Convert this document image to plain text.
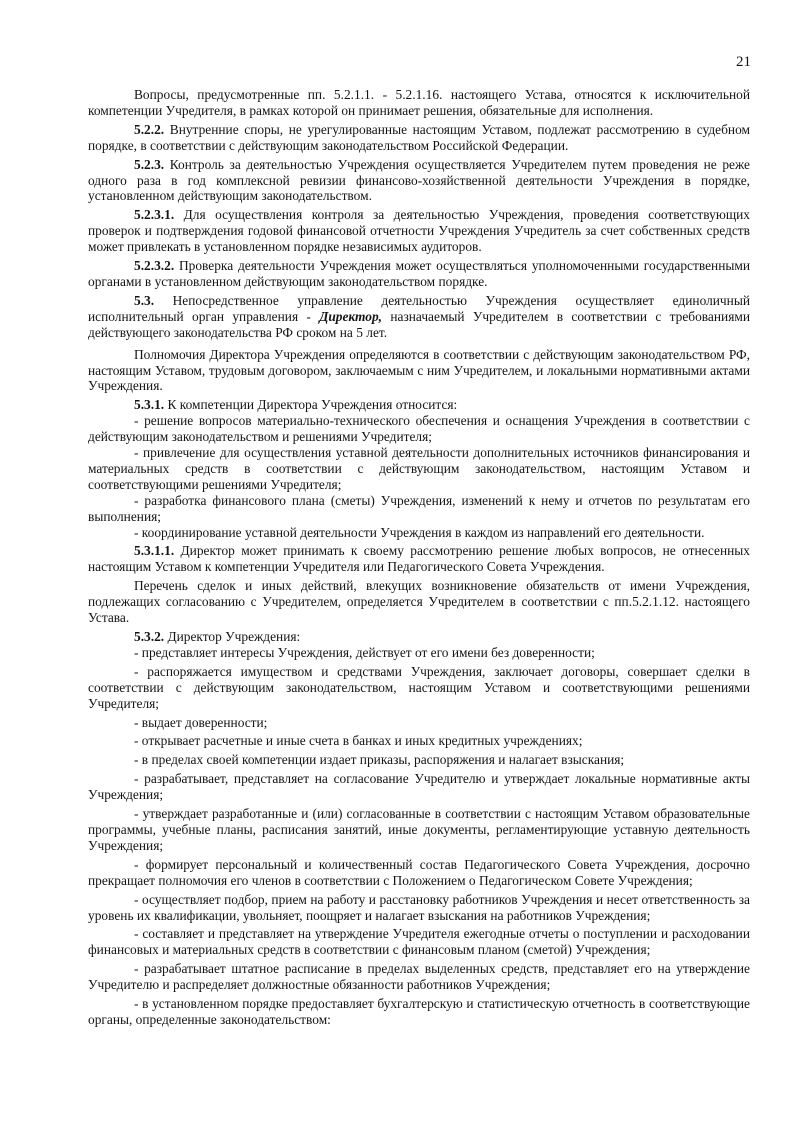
21

Вопросы, предусмотренные пп. 5.2.1.1. - 5.2.1.16. настоящего Устава, относятся к исключительной компетенции Учредителя, в рамках которой он принимает решения, обязательные для исполнения.

5.2.2. Внутренние споры, не урегулированные настоящим Уставом, подлежат рассмотрению в судебном порядке, в соответствии с действующим законодательством Российской Федерации.

5.2.3. Контроль за деятельностью Учреждения осуществляется Учредителем путем проведения не реже одного раза в год комплексной ревизии финансово-хозяйственной деятельности Учреждения в порядке, установленном действующим законодательством.

5.2.3.1. Для осуществления контроля за деятельностью Учреждения, проведения соответствующих проверок и подтверждения годовой финансовой отчетности Учреждения Учредитель за счет собственных средств может привлекать в установленном порядке независимых аудиторов.

5.2.3.2. Проверка деятельности Учреждения может осуществляться уполномоченными государственными органами в установленном действующим законодательством порядке.

5.3. Непосредственное управление деятельностью Учреждения осуществляет единоличный исполнительный орган управления - Директор, назначаемый Учредителем в соответствии с требованиями действующего законодательства РФ сроком на 5 лет.

Полномочия Директора Учреждения определяются в соответствии с действующим законодательством РФ, настоящим Уставом, трудовым договором, заключаемым с ним Учредителем, и локальными нормативными актами Учреждения.

5.3.1. К компетенции Директора Учреждения относится:

- решение вопросов материально-технического обеспечения и оснащения Учреждения в соответствии с действующим законодательством и решениями Учредителя;

- привлечение для осуществления уставной деятельности дополнительных источников финансирования и материальных средств в соответствии с действующим законодательством, настоящим Уставом и соответствующими решениями Учредителя;

- разработка финансового плана (сметы) Учреждения, изменений к нему и отчетов по результатам его выполнения;

- координирование уставной деятельности Учреждения в каждом из направлений его деятельности.

5.3.1.1. Директор может принимать к своему рассмотрению решение любых вопросов, не отнесенных настоящим Уставом к компетенции Учредителя или Педагогического Совета Учреждения.

Перечень сделок и иных действий, влекущих возникновение обязательств от имени Учреждения, подлежащих согласованию с Учредителем, определяется Учредителем в соответствии с пп.5.2.1.12. настоящего Устава.

5.3.2. Директор Учреждения:

- представляет интересы Учреждения, действует от его имени без доверенности;

- распоряжается имуществом и средствами Учреждения, заключает договоры, совершает сделки в соответствии с действующим законодательством, настоящим Уставом и соответствующими решениями Учредителя;

- выдает доверенности;

- открывает расчетные и иные счета в банках и иных кредитных учреждениях;

- в пределах своей компетенции издает приказы, распоряжения и налагает взыскания;

- разрабатывает, представляет на согласование Учредителю и утверждает локальные нормативные акты Учреждения;

- утверждает разработанные и (или) согласованные в соответствии с настоящим Уставом образовательные программы, учебные планы, расписания занятий, иные документы, регламентирующие уставную деятельность Учреждения;

- формирует персональный и количественный состав Педагогического Совета Учреждения, досрочно прекращает полномочия его членов в соответствии с Положением о Педагогическом Совете Учреждения;

- осуществляет подбор, прием на работу и расстановку работников Учреждения и несет ответственность за уровень их квалификации, увольняет, поощряет и налагает взыскания на работников Учреждения;

- составляет и представляет на утверждение Учредителя ежегодные отчеты о поступлении и расходовании финансовых и материальных средств в соответствии с финансовым планом (сметой) Учреждения;

- разрабатывает штатное расписание в пределах выделенных средств, представляет его на утверждение Учредителю и распределяет должностные обязанности работников Учреждения;

- в установленном порядке предоставляет бухгалтерскую и статистическую отчетность в соответствующие органы, определенные законодательством:
